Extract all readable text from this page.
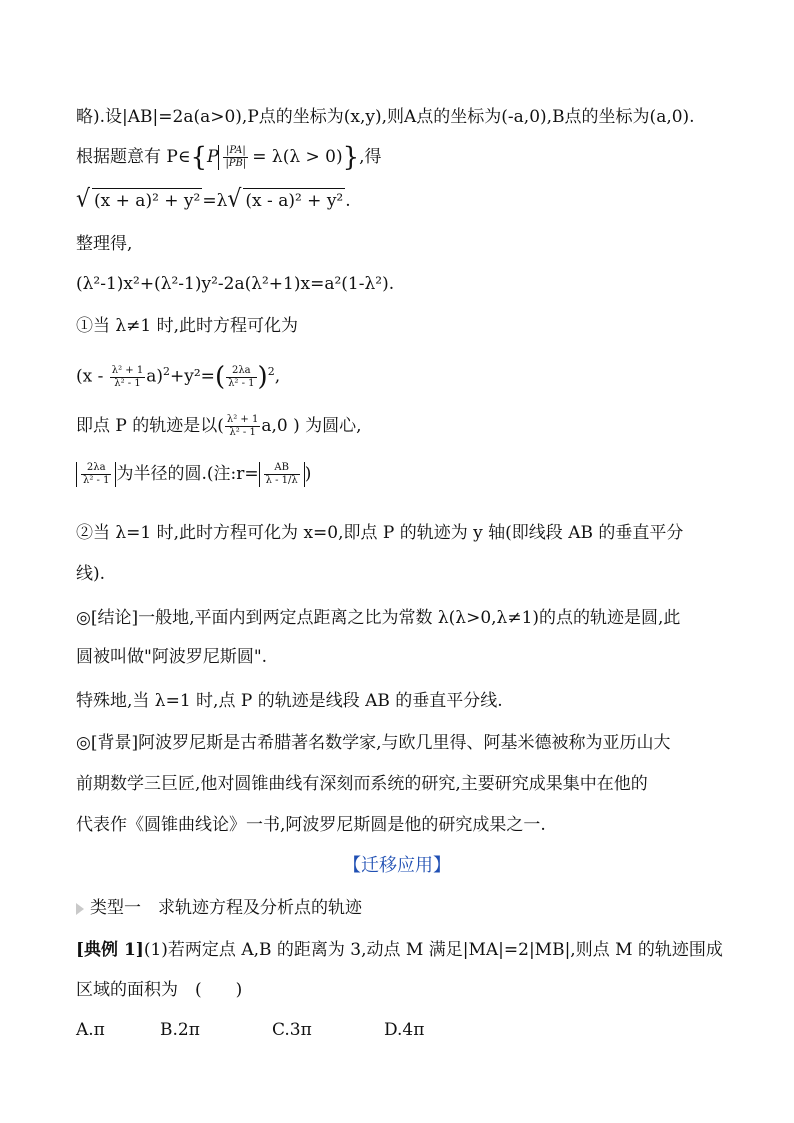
略).设|AB|=2a(a>0),P点的坐标为(x,y),则A点的坐标为(-a,0),B点的坐标为(a,0).
根据题意有 P∈{P $\frac{|PA|}{|PB|} = \lambda(\lambda > 0)$},得
√ (x + a)² + y² =λ√ (x - a)² + y² .
整理得,
(λ²-1)x²+(λ²-1)y²-2a(λ²+1)x=a²(1-λ²).
①当 λ≠1 时,此时方程可化为
$(x - \frac{\text{λ² + 1}}{\text{λ² - 1}} a)^2+y^2=( \frac{2\lambda a}{\text{λ² - 1}} )^2$,
即点 P 的轨迹是以( $\frac{\text{λ² + 1}}{\text{λ² - 1}} a,0$ ) 为圆心,
$\frac{2\lambda a}{\text{λ² - 1}}$ 为半径的圆.(注:r= $\frac{AB}{\lambda - 1/\lambda}$ )
②当 λ=1 时,此时方程可化为 x=0,即点 P 的轨迹为 y 轴(即线段 AB 的垂直平分
线).
◎[结论]一般地,平面内到两定点距离之比为常数 λ(λ>0,λ≠1)的点的轨迹是圆,此
圆被叫做"阿波罗尼斯圆".
特殊地,当 λ=1 时,点 P 的轨迹是线段 AB 的垂直平分线.
◎[背景]阿波罗尼斯是古希腊著名数学家,与欧几里得、阿基米德被称为亚历山大
前期数学三巨匠,他对圆锥曲线有深刻而系统的研究,主要研究成果集中在他的
代表作《圆锥曲线论》一书,阿波罗尼斯圆是他的研究成果之一.
【迁移应用】
类型一　求轨迹方程及分析点的轨迹
[典例 1](1)若两定点 A,B 的距离为 3,动点 M 满足|MA|=2|MB|,则点 M 的轨迹围成
区域的面积为　(　　)
A.π	B.2π	C.3π	D.4π
